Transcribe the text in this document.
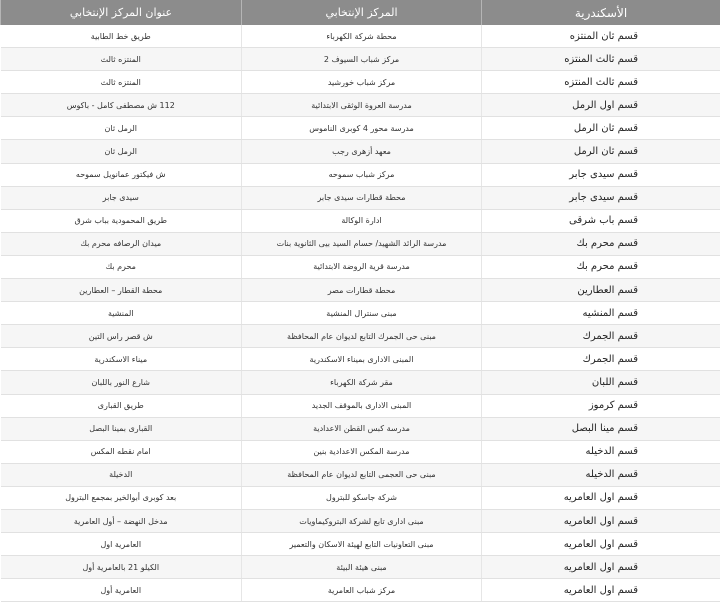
الأسكندرية	المركز الإنتخابي	عنوان المركز الإنتخابي
قسم ثان المنتزه	محطة شركة الكهرباء	طريق خط الطابية
قسم ثالث المنتزه	مركز شباب السيوف 2	المنتزه ثالث
قسم ثالث المنتزه	مركز شباب خورشيد	المنتزه ثالث
قسم اول الرمل	مدرسة العروة الوثقى الابتدائية	112 ش مصطفى كامل - باكوس
قسم ثان الرمل	مدرسة محور 4 كوبرى الناموس	الرمل ثان
قسم ثان الرمل	معهد أزهرى رجب	الرمل ثان
قسم سيدى جابر	مركز شباب سموحه	ش فيكتور عمانويل سموحه
قسم سيدى جابر	محطة قطارات سيدى جابر	سيدى جابر
قسم باب شرقى	ادارة الوكالة	طريق المحمودية بباب شرق
قسم محرم بك	مدرسة الرائد الشهيد/ حسام السيد بيى الثانوية بنات	ميدان الرصافه محرم بك
قسم محرم بك	مدرسة قرية الروضة الابتدائية	محرم بك
قسم العطارين	محطة قطارات مصر	محطة القطار – العطارين
قسم المنشيه	مبنى سنترال المنشية	المنشية
قسم الجمرك	مبنى حى الجمرك التابع لديوان عام المحافظة	ش قصر راس التين
قسم الجمرك	المبنى الادارى بميناء الاسكندرية	ميناء الاسكندرية
قسم اللبان	مقر شركة الكهرباء	شارع النور باللبان
قسم كرموز	المبنى الادارى بالموقف الجديد	طريق القبارى
قسم مينا البصل	مدرسة كبس القطن الاعدادية	القبارى بمينا البصل
قسم الدخيله	مدرسة المكس الاعدادية بنين	امام نقطه المكس
قسم الدخيله	مبنى حى العجمى التابع لديوان عام المحافظة	الدخيلة
قسم اول العامريه	شركة جاسكو للبترول	بعد كوبرى أبوالخير بمجمع البترول
قسم اول العامريه	مبنى ادارى تابع لشركة البتروكيماويات	مدخل النهضة – أول العامرية
قسم اول العامريه	مبنى التعاونيات التابع لهيئة الاسكان والتعمير	العامرية اول
قسم اول العامريه	مبنى هيئة البيئة	الكيلو 21 بالعامرية أول
قسم اول العامريه	مركز شباب العامرية	العامرية أول
